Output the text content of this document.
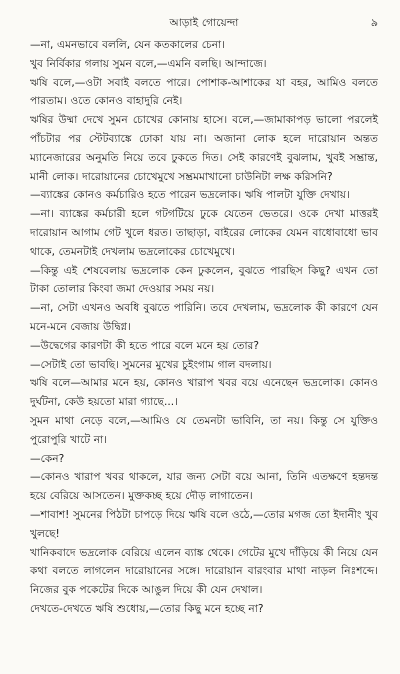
আড়াই গোয়েন্দা	৯

—না, এমনভাবে বললি, যেন কতকালের চেনা।

খুব নির্বিকার গলায় সুমন বলে,—এমনি বলছি। আন্দাজে।

ঋষি বলে,—ওটা সবাই বলতে পারে। পোশাক-আশাকের যা বহর, আমিও বলতে পারতাম। ওতে কোনও বাহাদুরি নেই।

ঋষির উষ্মা দেখে সুমন চোখের কোনায় হাসে। বলে,—জামাকাপড় ভালো পরলেই পাঁচটার পর স্টেটব্যাঙ্কে ঢোকা যায় না। অজানা লোক হলে দারোয়ান অন্তত ম্যানেজারের অনুমতি নিয়ে তবে ঢুকতে দিত। সেই কারণেই বুঝলাম, খুবই সম্ভ্রান্ত, মানী লোক। দারোয়ানের চোখেমুখে সম্ভ্রমমাখানো চাউনিটা লক্ষ করিসনি?

—ব্যাঙ্কের কোনও কর্মচারিও হতে পারেন ভদ্রলোক। ঋষি পালটা যুক্তি দেখায়।

—না। ব্যাঙ্কের কর্মচারী হলে গটগটিয়ে ঢুকে যেতেন ভেতরে। ওকে দেখা মাত্তরই দারোয়ান আগাম গেট খুলে ধরত। তাছাড়া, বাইরের লোকের যেমন বাধোবাধো ভাব থাকে, তেমনটাই দেখলাম ভদ্রলোকের চোখেমুখে।

—কিন্তু এই শেষবেলায় ভদ্রলোক কেন ঢুকলেন, বুঝতে পারছিস কিছু? এখন তো টাকা তোলার কিংবা জমা দেওয়ার সময় নয়।

—না, সেটা এখনও অবধি বুঝতে পারিনি। তবে দেখলাম, ভদ্রলোক কী কারণে যেন মনে-মনে বেজায় উদ্বিগ্ন।

—উদ্বেগের কারণটা কী হতে পারে বলে মনে হয় তোর?

—সেটাই তো ভাবছি। সুমনের মুখের চুইংগাম গাল বদলায়।

ঋষি বলে—আমার মনে হয়, কোনও খারাপ খবর বয়ে এনেছেন ভদ্রলোক। কোনও দুর্ঘটনা, কেউ হয়তো মারা গ্যাছে...।

সুমন মাথা নেড়ে বলে,—আমিও যে তেমনটা ভাবিনি, তা নয়। কিন্তু সে যুক্তিও পুরোপুরি খাটে না।

—কেন?

—কোনও খারাপ খবর থাকলে, যার জন্য সেটা বয়ে আনা, তিনি এতক্ষণে হন্তদন্ত হয়ে বেরিয়ে আসতেন। মুক্তকচ্ছ হয়ে দৌড় লাগাতেন।

—শাবাশ! সুমনের পিঠটা চাপড়ে দিয়ে ঋষি বলে ওঠে,—তোর মগজ তো ইদানীং খুব খুলছে!

খানিকবাদে ভদ্রলোক বেরিয়ে এলেন ব্যাঙ্ক থেকে। গেটের মুখে দাঁড়িয়ে কী নিয়ে যেন কথা বলতে লাগলেন দারোয়ানের সঙ্গে। দারোয়ান বারংবার মাথা নাড়ল নিঃশব্দে। নিজের বুক পকেটের দিকে আঙুল দিয়ে কী যেন দেখাল।

দেখতে-দেখতে ঋষি শুধোয়,—তোর কিছু মনে হচ্ছে না?
